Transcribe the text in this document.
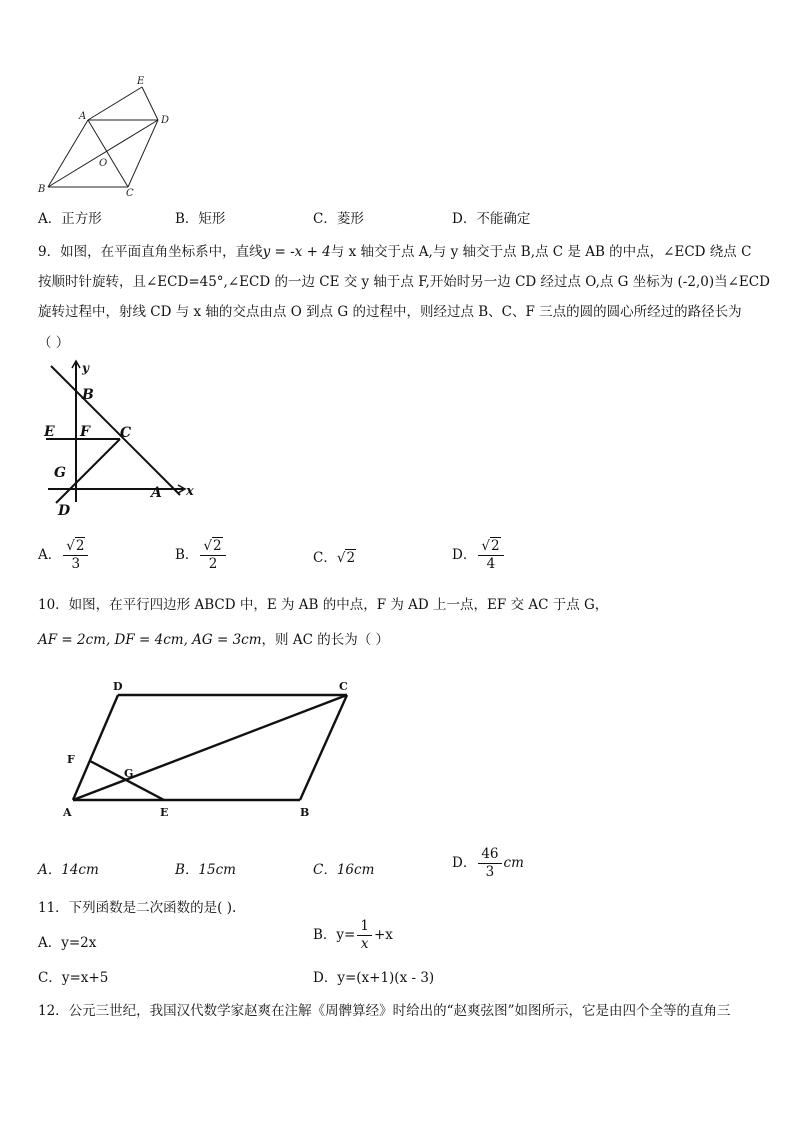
A
B	C
D
E
O
A．正方形	B．矩形	C．菱形	D．不能确定
9．如图，在平面直角坐标系中，直线y = -x + 4与 x 轴交于点 A,与 y 轴交于点 B,点 C 是 AB 的中点，∠ECD 绕点 C
按顺时针旋转，且∠ECD=45°,∠ECD 的一边 CE 交 y 轴于点 F,开始时另一边 CD 经过点 O,点 G 坐标为 (-2,0)当∠ECD
旋转过程中，射线 CD 与 x 轴的交点由点 O 到点 G 的过程中，则经过点 B、C、F 三点的圆的圆心所经过的路径长为
（ ）
y
x
B
E F C
G
A
D
A． $\frac{√2}{3}$	B． $\frac{√2}{2}$	C．√2	D． $\frac{√2}{4}$
10．如图，在平行四边形 ABCD 中，E 为 AB 的中点，F 为 AD 上一点，EF 交 AC 于点 G，
AF = 2cm, DF = 4cm, AG = 3cm，则 AC 的长为（ ）
D	C
F
G
A	E	B
A．14cm	B．15cm	C．16cm	D． $\frac{46}{3}$ cm
11．下列函数是二次函数的是( ).
A．y=2x	B．$y= \frac{1}{x} +x$
C．y=x+5	D．y=(x+1)(x - 3)
12．公元三世纪，我国汉代数学家赵爽在注解《周髀算经》时给出的“赵爽弦图”如图所示，它是由四个全等的直角三
